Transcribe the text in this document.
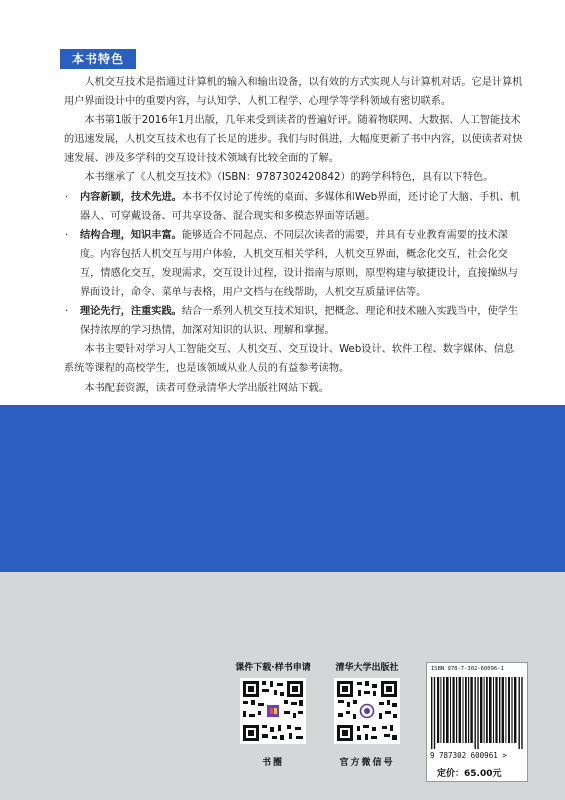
本书特色

人机交互技术是指通过计算机的输入和输出设备，以有效的方式实现人与计算机对话。它是计算机用户界面设计中的重要内容，与认知学、人机工程学、心理学等学科领域有密切联系。

本书第1版于2016年1月出版，几年来受到读者的普遍好评。随着物联网、大数据、人工智能技术的迅速发展，人机交互技术也有了长足的进步。我们与时俱进，大幅度更新了书中内容，以使读者对快速发展、涉及多学科的交互设计技术领域有比较全面的了解。

本书继承了《人机交互技术》（ISBN：9787302420842）的跨学科特色，具有以下特色。

· 内容新颖，技术先进。本书不仅讨论了传统的桌面、多媒体和Web界面，还讨论了大脑、手机、机器人、可穿戴设备、可共享设备、混合现实和多模态界面等话题。
· 结构合理，知识丰富。能够适合不同起点、不同层次读者的需要，并具有专业教育需要的技术深度。内容包括人机交互与用户体验，人机交互相关学科，人机交互界面，概念化交互，社会化交互，情感化交互，发现需求，交互设计过程，设计指南与原则，原型构建与敏捷设计，直接操纵与界面设计，命令、菜单与表格，用户文档与在线帮助，人机交互质量评估等。
· 理论先行，注重实践。结合一系列人机交互技术知识，把概念、理论和技术融入实践当中，使学生保持浓厚的学习热情，加深对知识的认识、理解和掌握。

本书主要针对学习人工智能交互、人机交互、交互设计、Web设计、软件工程、数字媒体、信息系统等课程的高校学生，也是该领域从业人员的有益参考读物。

本书配套资源，读者可登录清华大学出版社网站下载。

课件下载·样书申请
书圈
清华大学出版社
官方微信号
ISBN 978-7-302-60096-1
9 787302 600961 >
定价：65.00元
